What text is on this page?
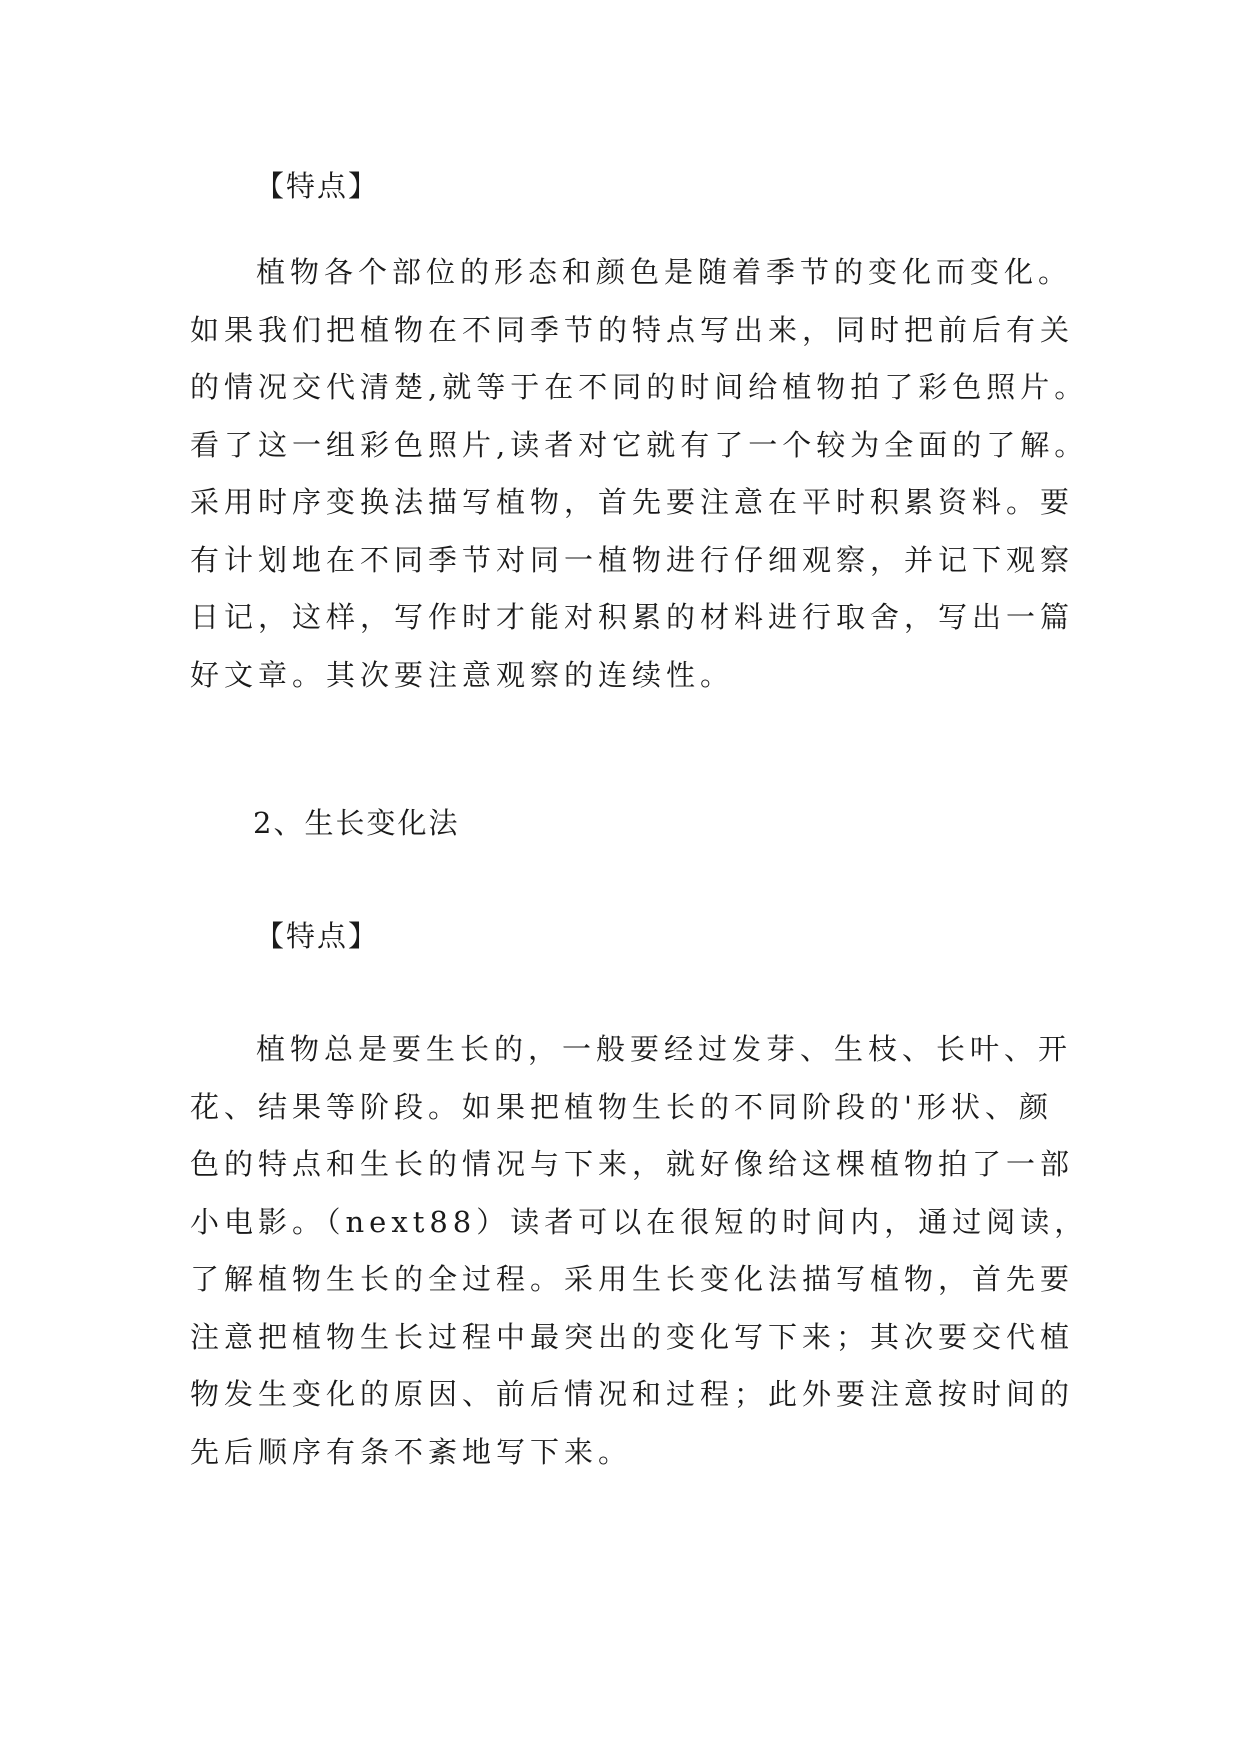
【特点】
植物各个部位的形态和颜色是随着季节的变化而变化。
如果我们把植物在不同季节的特点写出来，同时把前后有关
的情况交代清楚,就等于在不同的时间给植物拍了彩色照片。
看了这一组彩色照片,读者对它就有了一个较为全面的了解。
采用时序变换法描写植物，首先要注意在平时积累资料。要
有计划地在不同季节对同一植物进行仔细观察，并记下观察
日记，这样，写作时才能对积累的材料进行取舍，写出一篇
好文章。其次要注意观察的连续性。
2、生长变化法
【特点】
植物总是要生长的，一般要经过发芽、生枝、长叶、开
花、结果等阶段。如果把植物生长的不同阶段的'形状、颜
色的特点和生长的情况与下来，就好像给这棵植物拍了一部
小电影。（next88）读者可以在很短的时间内，通过阅读，
了解植物生长的全过程。采用生长变化法描写植物，首先要
注意把植物生长过程中最突出的变化写下来；其次要交代植
物发生变化的原因、前后情况和过程；此外要注意按时间的
先后顺序有条不紊地写下来。
